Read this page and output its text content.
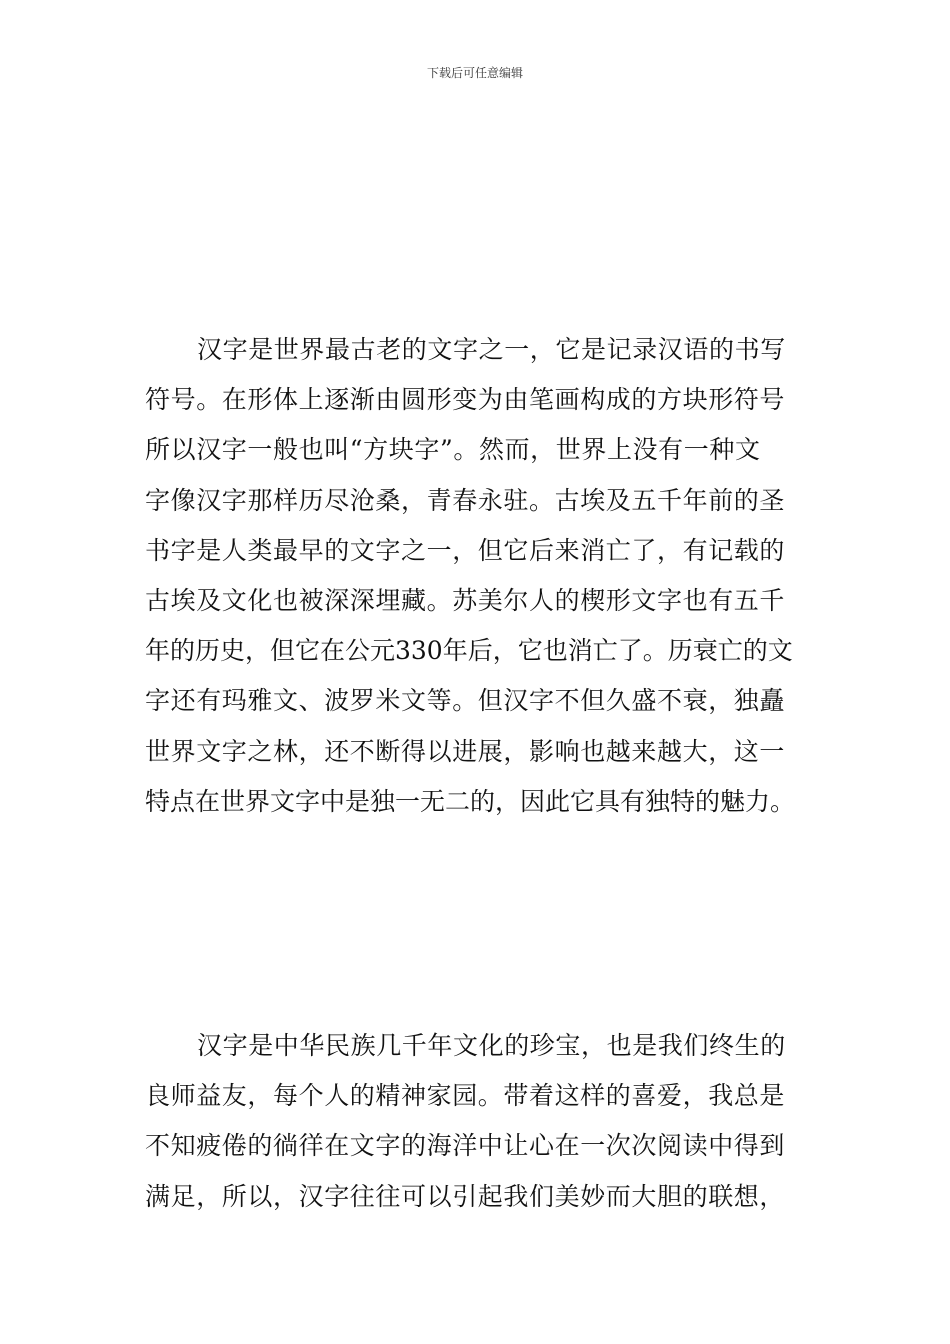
下载后可任意编辑
汉字是世界最古老的文字之一，它是记录汉语的书写
符号。在形体上逐渐由圆形变为由笔画构成的方块形符号
所以汉字一般也叫“方块字”。然而，世界上没有一种文
字像汉字那样历尽沧桑，青春永驻。古埃及五千年前的圣
书字是人类最早的文字之一，但它后来消亡了，有记载的
古埃及文化也被深深埋藏。苏美尔人的楔形文字也有五千
年的历史，但它在公元330年后，它也消亡了。历衰亡的文
字还有玛雅文、波罗米文等。但汉字不但久盛不衰，独矗
世界文字之林，还不断得以进展，影响也越来越大，这一
特点在世界文字中是独一无二的，因此它具有独特的魅力。
汉字是中华民族几千年文化的珍宝，也是我们终生的
良师益友，每个人的精神家园。带着这样的喜爱，我总是
不知疲倦的徜徉在文字的海洋中让心在一次次阅读中得到
满足，所以，汉字往往可以引起我们美妙而大胆的联想，
